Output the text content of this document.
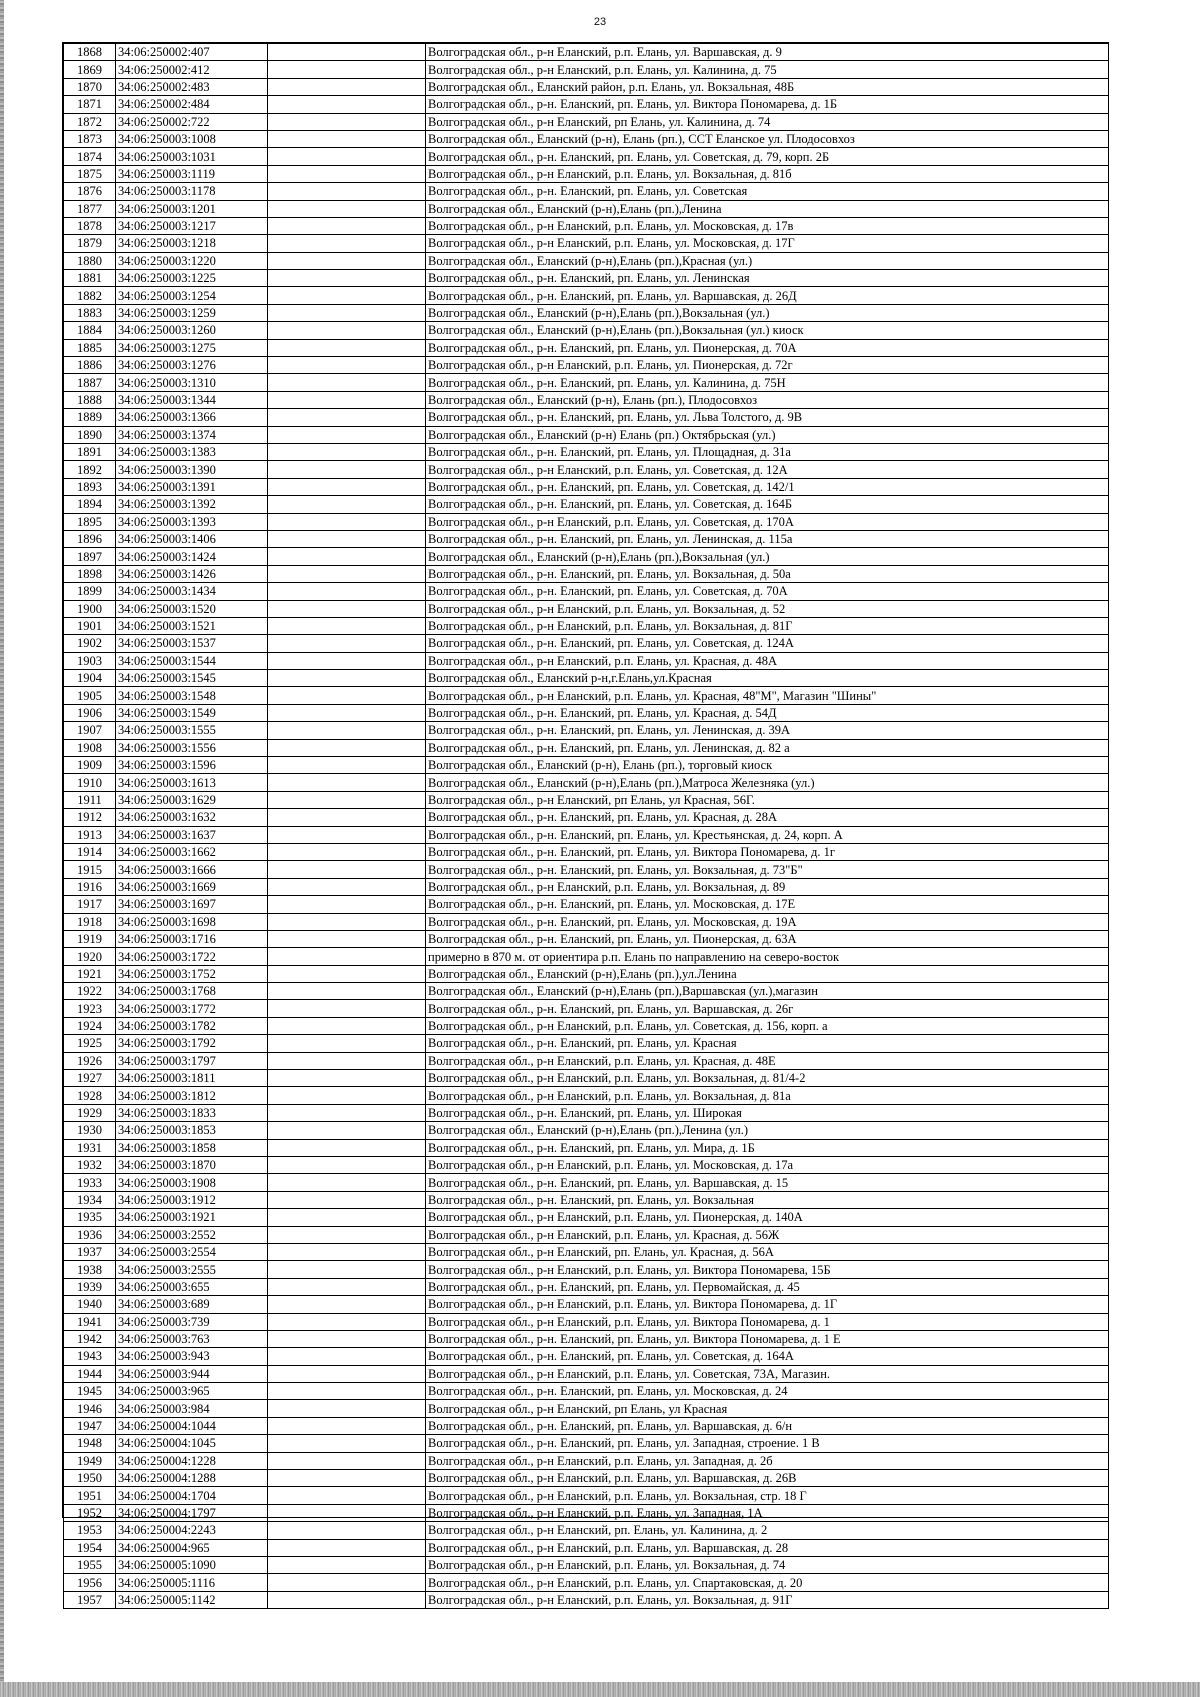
23
1868	34:06:250002:407		Волгоградская обл., р-н Еланский, р.п. Елань, ул. Варшавская, д. 9
1869	34:06:250002:412		Волгоградская обл., р-н Еланский, р.п. Елань, ул. Калинина, д. 75
1870	34:06:250002:483		Волгоградская обл., Еланский район, р.п. Елань, ул. Вокзальная, 48Б
1871	34:06:250002:484		Волгоградская обл., р-н. Еланский, рп. Елань, ул. Виктора Пономарева, д. 1Б
1872	34:06:250002:722		Волгоградская обл., р-н Еланский, рп Елань, ул. Калинина, д. 74
1873	34:06:250003:1008		Волгоградская обл., Еланский (р-н), Елань (рп.), ССТ Еланское ул. Плодосовхоз
1874	34:06:250003:1031		Волгоградская обл., р-н. Еланский, рп. Елань, ул. Советская, д. 79, корп. 2Б
1875	34:06:250003:1119		Волгоградская обл., р-н Еланский, р.п. Елань, ул. Вокзальная, д. 81б
1876	34:06:250003:1178		Волгоградская обл., р-н. Еланский, рп. Елань, ул. Советская
1877	34:06:250003:1201		Волгоградская обл., Еланский (р-н),Елань (рп.),Ленина
1878	34:06:250003:1217		Волгоградская обл., р-н Еланский, р.п. Елань, ул. Московская, д. 17в
1879	34:06:250003:1218		Волгоградская обл., р-н Еланский, р.п. Елань, ул. Московская, д. 17Г
1880	34:06:250003:1220		Волгоградская обл., Еланский (р-н),Елань (рп.),Красная (ул.)
1881	34:06:250003:1225		Волгоградская обл., р-н. Еланский, рп. Елань, ул. Ленинская
1882	34:06:250003:1254		Волгоградская обл., р-н. Еланский, рп. Елань, ул. Варшавская, д. 26Д
1883	34:06:250003:1259		Волгоградская обл., Еланский (р-н),Елань (рп.),Вокзальная (ул.)
1884	34:06:250003:1260		Волгоградская обл., Еланский (р-н),Елань (рп.),Вокзальная (ул.) киоск
1885	34:06:250003:1275		Волгоградская обл., р-н. Еланский, рп. Елань, ул. Пионерская, д. 70А
1886	34:06:250003:1276		Волгоградская обл., р-н Еланский, р.п. Елань, ул. Пионерская, д. 72г
1887	34:06:250003:1310		Волгоградская обл., р-н. Еланский, рп. Елань, ул. Калинина, д. 75Н
1888	34:06:250003:1344		Волгоградская обл., Еланский (р-н), Елань (рп.), Плодосовхоз
1889	34:06:250003:1366		Волгоградская обл., р-н. Еланский, рп. Елань, ул. Льва Толстого, д. 9В
1890	34:06:250003:1374		Волгоградская обл., Еланский (р-н) Елань (рп.) Октябрьская (ул.)
1891	34:06:250003:1383		Волгоградская обл., р-н. Еланский, рп. Елань, ул. Площадная, д. 31а
1892	34:06:250003:1390		Волгоградская обл., р-н Еланский, р.п. Елань, ул. Советская, д. 12А
1893	34:06:250003:1391		Волгоградская обл., р-н. Еланский, рп. Елань, ул. Советская, д. 142/1
1894	34:06:250003:1392		Волгоградская обл., р-н. Еланский, рп. Елань, ул. Советская, д. 164Б
1895	34:06:250003:1393		Волгоградская обл., р-н Еланский, р.п. Елань, ул. Советская, д. 170А
1896	34:06:250003:1406		Волгоградская обл., р-н. Еланский, рп. Елань, ул. Ленинская, д. 115а
1897	34:06:250003:1424		Волгоградская обл., Еланский (р-н),Елань (рп.),Вокзальная (ул.)
1898	34:06:250003:1426		Волгоградская обл., р-н. Еланский, рп. Елань, ул. Вокзальная, д. 50а
1899	34:06:250003:1434		Волгоградская обл., р-н. Еланский, рп. Елань, ул. Советская, д. 70А
1900	34:06:250003:1520		Волгоградская обл., р-н Еланский, р.п. Елань, ул. Вокзальная, д. 52
1901	34:06:250003:1521		Волгоградская обл., р-н Еланский, р.п. Елань, ул. Вокзальная, д. 81Г
1902	34:06:250003:1537		Волгоградская обл., р-н. Еланский, рп. Елань, ул. Советская, д. 124А
1903	34:06:250003:1544		Волгоградская обл., р-н Еланский, р.п. Елань, ул. Красная, д. 48А
1904	34:06:250003:1545		Волгоградская обл., Еланский р-н,г.Елань,ул.Красная
1905	34:06:250003:1548		Волгоградская обл., р-н Еланский, р.п. Елань, ул. Красная, 48"М", Магазин "Шины"
1906	34:06:250003:1549		Волгоградская обл., р-н. Еланский, рп. Елань, ул. Красная, д. 54Д
1907	34:06:250003:1555		Волгоградская обл., р-н. Еланский, рп. Елань, ул. Ленинская, д. 39А
1908	34:06:250003:1556		Волгоградская обл., р-н. Еланский, рп. Елань, ул. Ленинская, д. 82 а
1909	34:06:250003:1596		Волгоградская обл., Еланский (р-н), Елань (рп.), торговый киоск
1910	34:06:250003:1613		Волгоградская обл., Еланский (р-н),Елань (рп.),Матроса Железняка (ул.)
1911	34:06:250003:1629		Волгоградская обл., р-н Еланский, рп Елань, ул Красная, 56Г.
1912	34:06:250003:1632		Волгоградская обл., р-н. Еланский, рп. Елань, ул. Красная, д. 28А
1913	34:06:250003:1637		Волгоградская обл., р-н. Еланский, рп. Елань, ул. Крестьянская, д. 24, корп. А
1914	34:06:250003:1662		Волгоградская обл., р-н. Еланский, рп. Елань, ул. Виктора Пономарева, д. 1г
1915	34:06:250003:1666		Волгоградская обл., р-н. Еланский, рп. Елань, ул. Вокзальная, д. 73"Б"
1916	34:06:250003:1669		Волгоградская обл., р-н Еланский, р.п. Елань, ул. Вокзальная, д. 89
1917	34:06:250003:1697		Волгоградская обл., р-н. Еланский, рп. Елань, ул. Московская, д. 17Е
1918	34:06:250003:1698		Волгоградская обл., р-н. Еланский, рп. Елань, ул. Московская, д. 19А
1919	34:06:250003:1716		Волгоградская обл., р-н. Еланский, рп. Елань, ул. Пионерская, д. 63А
1920	34:06:250003:1722		примерно в 870 м. от ориентира р.п. Елань по направлению на северо-восток
1921	34:06:250003:1752		Волгоградская обл., Еланский (р-н),Елань (рп.),ул.Ленина
1922	34:06:250003:1768		Волгоградская обл., Еланский (р-н),Елань (рп.),Варшавская (ул.),магазин
1923	34:06:250003:1772		Волгоградская обл., р-н. Еланский, рп. Елань, ул. Варшавская, д. 26г
1924	34:06:250003:1782		Волгоградская обл., р-н Еланский, р.п. Елань, ул. Советская, д. 156, корп. а
1925	34:06:250003:1792		Волгоградская обл., р-н. Еланский, рп. Елань, ул. Красная
1926	34:06:250003:1797		Волгоградская обл., р-н Еланский, р.п. Елань, ул. Красная, д. 48Е
1927	34:06:250003:1811		Волгоградская обл., р-н Еланский, р.п. Елань, ул. Вокзальная, д. 81/4-2
1928	34:06:250003:1812		Волгоградская обл., р-н Еланский, р.п. Елань, ул. Вокзальная, д. 81а
1929	34:06:250003:1833		Волгоградская обл., р-н. Еланский, рп. Елань, ул. Широкая
1930	34:06:250003:1853		Волгоградская обл., Еланский (р-н),Елань (рп.),Ленина (ул.)
1931	34:06:250003:1858		Волгоградская обл., р-н. Еланский, рп. Елань, ул. Мира, д. 1Б
1932	34:06:250003:1870		Волгоградская обл., р-н Еланский, р.п. Елань, ул. Московская, д. 17а
1933	34:06:250003:1908		Волгоградская обл., р-н. Еланский, рп. Елань, ул. Варшавская, д. 15
1934	34:06:250003:1912		Волгоградская обл., р-н. Еланский, рп. Елань, ул. Вокзальная
1935	34:06:250003:1921		Волгоградская обл., р-н Еланский, р.п. Елань, ул. Пионерская, д. 140А
1936	34:06:250003:2552		Волгоградская обл., р-н Еланский, р.п. Елань, ул. Красная, д. 56Ж
1937	34:06:250003:2554		Волгоградская обл., р-н Еланский, рп. Елань, ул. Красная, д. 56А
1938	34:06:250003:2555		Волгоградская обл., р-н Еланский, р.п. Елань, ул. Виктора Пономарева, 15Б
1939	34:06:250003:655		Волгоградская обл., р-н. Еланский, рп. Елань, ул. Первомайская, д. 45
1940	34:06:250003:689		Волгоградская обл., р-н Еланский, р.п. Елань, ул. Виктора Пономарева, д. 1Г
1941	34:06:250003:739		Волгоградская обл., р-н Еланский, р.п. Елань, ул. Виктора Пономарева, д. 1
1942	34:06:250003:763		Волгоградская обл., р-н. Еланский, рп. Елань, ул. Виктора Пономарева, д. 1 Е
1943	34:06:250003:943		Волгоградская обл., р-н. Еланский, рп. Елань, ул. Советская, д. 164А
1944	34:06:250003:944		Волгоградская обл., р-н Еланский, р.п. Елань, ул. Советская, 73А, Магазин.
1945	34:06:250003:965		Волгоградская обл., р-н. Еланский, рп. Елань, ул. Московская, д. 24
1946	34:06:250003:984		Волгоградская обл., р-н Еланский, рп Елань, ул Красная
1947	34:06:250004:1044		Волгоградская обл., р-н. Еланский, рп. Елань, ул. Варшавская, д. 6/н
1948	34:06:250004:1045		Волгоградская обл., р-н. Еланский, рп. Елань, ул. Западная, строение. 1 В
1949	34:06:250004:1228		Волгоградская обл., р-н Еланский, р.п. Елань, ул. Западная, д. 2б
1950	34:06:250004:1288		Волгоградская обл., р-н Еланский, р.п. Елань, ул. Варшавская, д. 26В
1951	34:06:250004:1704		Волгоградская обл., р-н Еланский, р.п. Елань, ул. Вокзальная, стр. 18 Г
1952	34:06:250004:1797		Волгоградская обл., р-н Еланский, р.п. Елань, ул. Западная, 1А
1953	34:06:250004:2243		Волгоградская обл., р-н Еланский, рп. Елань, ул. Калинина, д. 2
1954	34:06:250004:965		Волгоградская обл., р-н Еланский, р.п. Елань, ул. Варшавская, д. 28
1955	34:06:250005:1090		Волгоградская обл., р-н Еланский, р.п. Елань, ул. Вокзальная, д. 74
1956	34:06:250005:1116		Волгоградская обл., р-н Еланский, р.п. Елань, ул. Спартаковская, д. 20
1957	34:06:250005:1142		Волгоградская обл., р-н Еланский, р.п. Елань, ул. Вокзальная, д. 91Г
